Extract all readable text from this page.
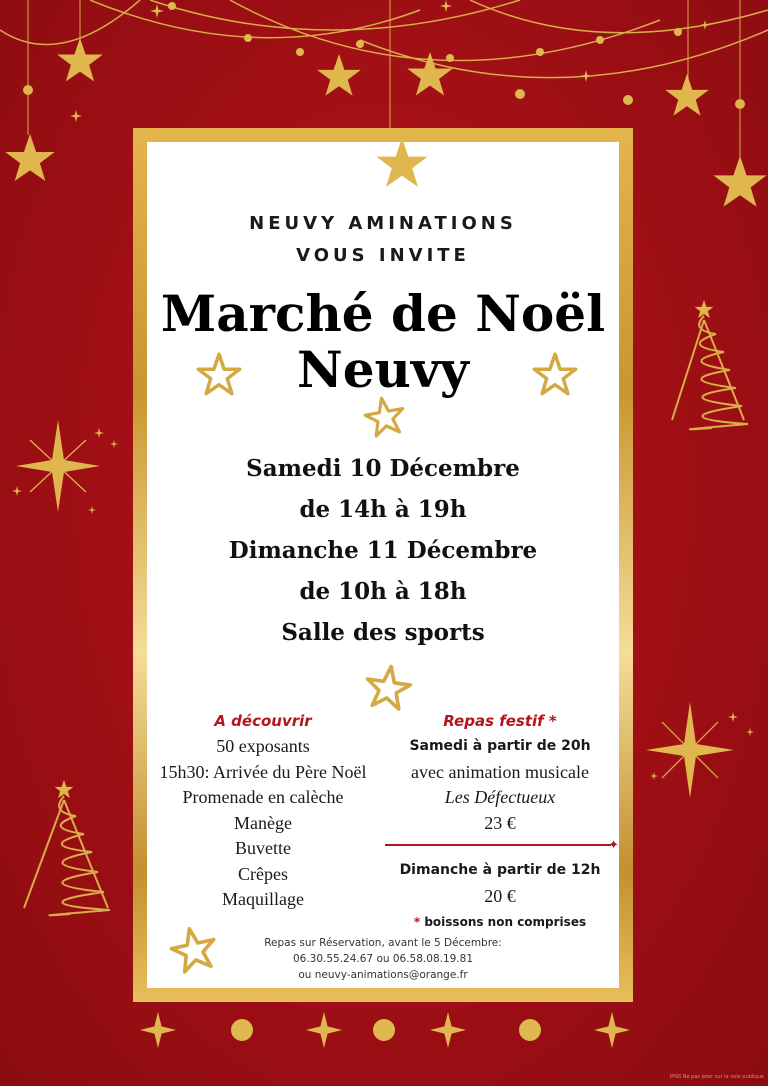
NEUVY AMINATIONS
VOUS INVITE
Marché de Noël
Neuvy
Samedi 10 Décembre
de 14h à 19h
Dimanche 11 Décembre
de 10h à 18h
Salle des sports
A découvrir
50 exposants
15h30: Arrivée du Père Noël
Promenade en calèche
Manège
Buvette
Crêpes
Maquillage
Repas festif *
Samedi à partir de 20h
avec animation musicale
Les Défectueux
23 €
✦
Dimanche à partir de 12h
20 €
* boissons non comprises
Repas sur Réservation, avant le 5 Décembre:
06.30.55.24.67 ou 06.58.08.19.81
ou neuvy-animations@orange.fr
IPNS Ne pas jeter sur la voie publique
